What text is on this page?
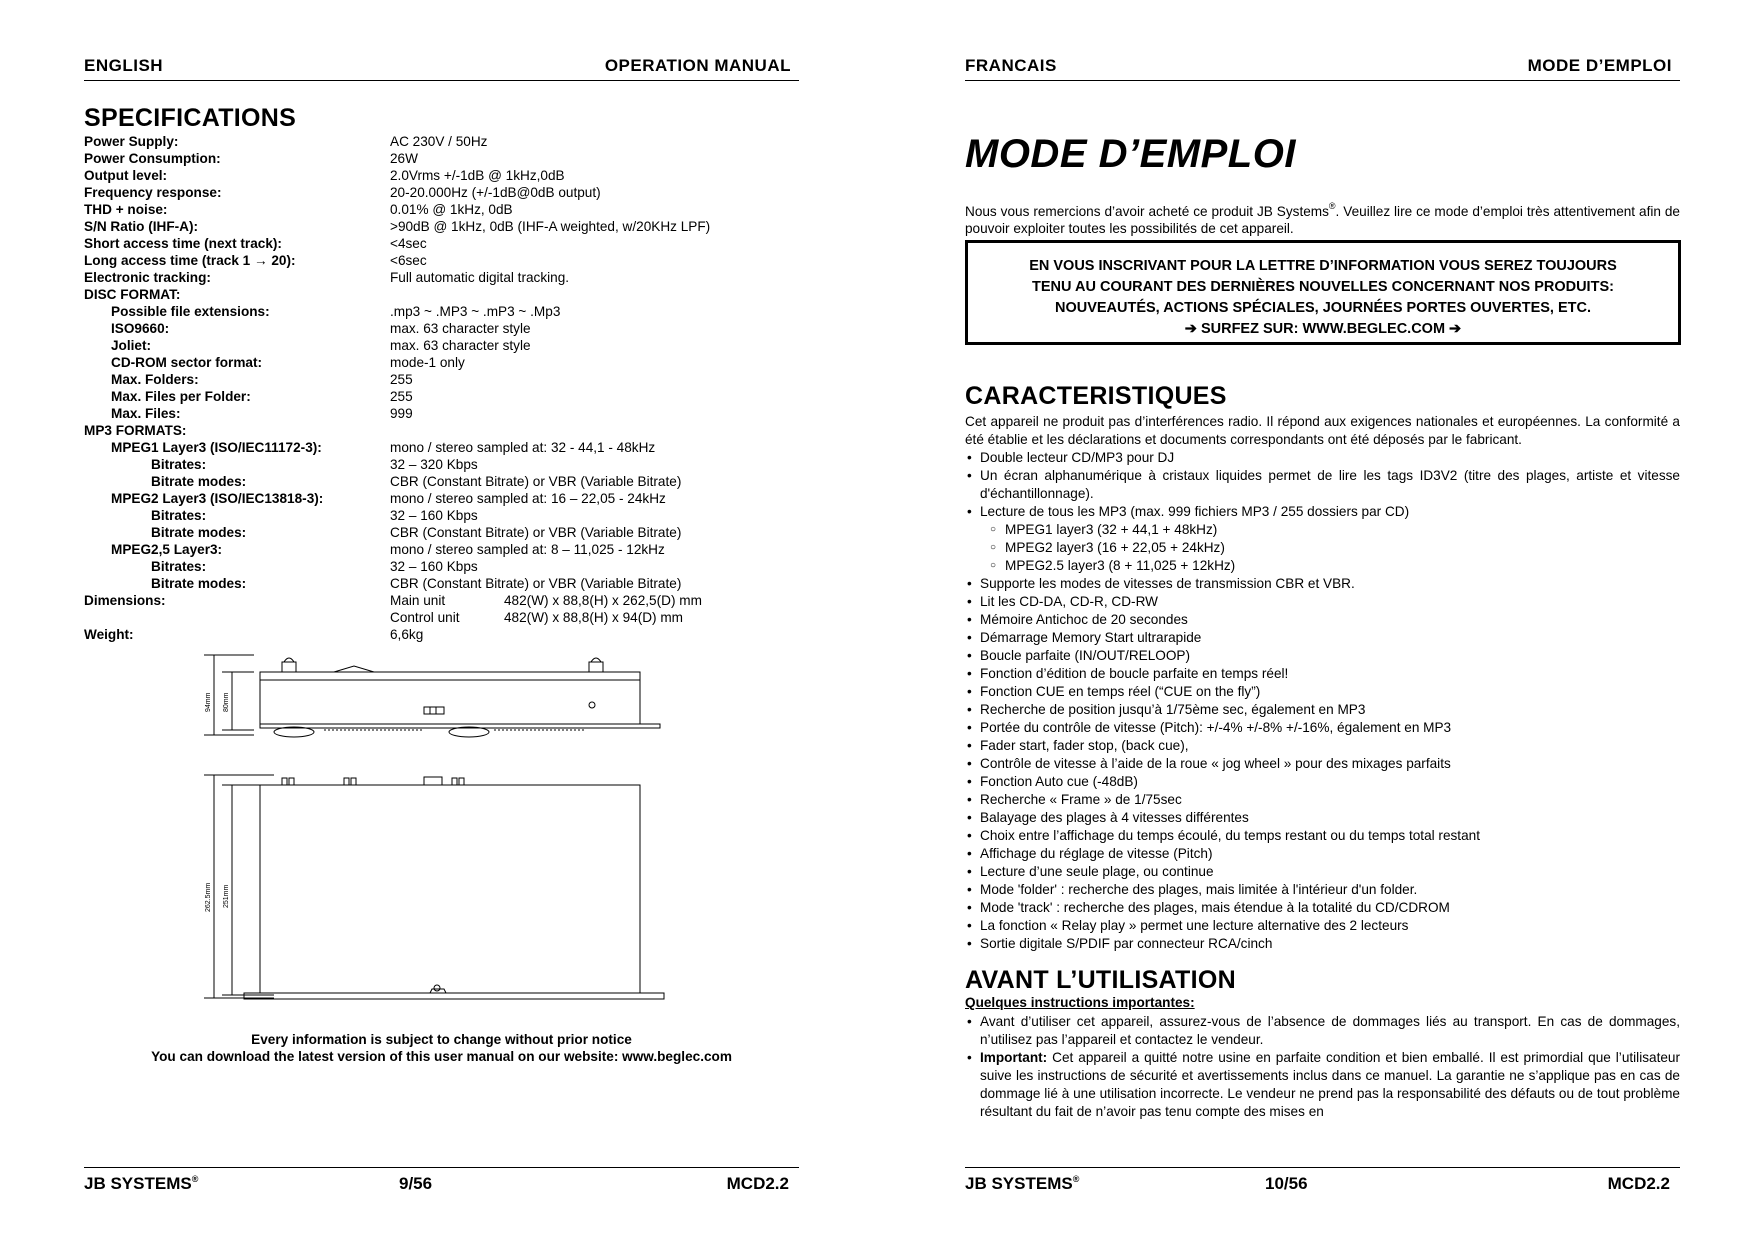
ENGLISH	OPERATION MANUAL
SPECIFICATIONS
Power Supply:	AC 230V / 50Hz
Power Consumption:	26W
Output level:	2.0Vrms +/-1dB @ 1kHz,0dB
Frequency response:	20-20.000Hz (+/-1dB@0dB output)
THD + noise:	0.01% @ 1kHz, 0dB
S/N Ratio (IHF-A):	>90dB @ 1kHz, 0dB (IHF-A weighted, w/20KHz LPF)
Short access time (next track):	<4sec
Long access time (track 1 → 20):	<6sec
Electronic tracking:	Full automatic digital tracking.
DISC FORMAT:
Possible file extensions:	.mp3 ~ .MP3 ~ .mP3 ~ .Mp3
ISO9660:	max. 63 character style
Joliet:	max. 63 character style
CD-ROM sector format:	mode-1 only
Max. Folders:	255
Max. Files per Folder:	255
Max. Files:	999
MP3 FORMATS:
MPEG1 Layer3 (ISO/IEC11172-3):	mono / stereo sampled at: 32 - 44,1 - 48kHz
Bitrates:	32 – 320 Kbps
Bitrate modes:	CBR (Constant Bitrate) or VBR (Variable Bitrate)
MPEG2 Layer3 (ISO/IEC13818-3):	mono / stereo sampled at: 16 – 22,05 - 24kHz
Bitrates:	32 – 160 Kbps
Bitrate modes:	CBR (Constant Bitrate) or VBR (Variable Bitrate)
MPEG2,5 Layer3:	mono / stereo sampled at: 8 – 11,025 - 12kHz
Bitrates:	32 – 160 Kbps
Bitrate modes:	CBR (Constant Bitrate) or VBR (Variable Bitrate)
Dimensions:	Main unit	482(W) x 88,8(H) x 262,5(D) mm
Control unit	482(W) x 88,8(H) x 94(D) mm
Weight:	6,6kg
94mm 80mm
262.5mm 251mm
Every information is subject to change without prior notice
You can download the latest version of this user manual on our website: www.beglec.com
JB SYSTEMS®	9/56	MCD2.2
FRANCAIS	MODE D’EMPLOI
MODE D’EMPLOI

Nous vous remercions d’avoir acheté ce produit JB Systems®. Veuillez lire ce mode d’emploi très attentivement afin de pouvoir exploiter toutes les possibilités de cet appareil.

EN VOUS INSCRIVANT POUR LA LETTRE D’INFORMATION VOUS SEREZ TOUJOURS
TENU AU COURANT DES DERNIÈRES NOUVELLES CONCERNANT NOS PRODUITS:
NOUVEAUTÉS, ACTIONS SPÉCIALES, JOURNÉES PORTES OUVERTES, ETC.
➔ SURFEZ SUR: WWW.BEGLEC.COM ➔
CARACTERISTIQUES

Cet appareil ne produit pas d’interférences radio. Il répond aux exigences nationales et européennes. La conformité a été établie et les déclarations et documents correspondants ont été déposés par le fabricant.

• Double lecteur CD/MP3 pour DJ
• Un écran alphanumérique à cristaux liquides permet de lire les tags ID3V2 (titre des plages, artiste et vitesse d'échantillonnage).
• Lecture de tous les MP3 (max. 999 fichiers MP3 / 255 dossiers par CD)
○ MPEG1 layer3 (32 + 44,1 + 48kHz)
○ MPEG2 layer3 (16 + 22,05 + 24kHz)
○ MPEG2.5 layer3 (8 + 11,025 + 12kHz)
• Supporte les modes de vitesses de transmission CBR et VBR.
• Lit les CD-DA, CD-R, CD-RW
• Mémoire Antichoc de 20 secondes
• Démarrage Memory Start ultrarapide
• Boucle parfaite (IN/OUT/RELOOP)
• Fonction d’édition de boucle parfaite en temps réel!
• Fonction CUE en temps réel (“CUE on the fly”)
• Recherche de position jusqu’à 1/75ème sec, également en MP3
• Portée du contrôle de vitesse (Pitch): +/-4% +/-8% +/-16%, également en MP3
• Fader start, fader stop, (back cue),
• Contrôle de vitesse à l’aide de la roue « jog wheel » pour des mixages parfaits
• Fonction Auto cue (-48dB)
• Recherche « Frame » de 1/75sec
• Balayage des plages à 4 vitesses différentes
• Choix entre l’affichage du temps écoulé, du temps restant ou du temps total restant
• Affichage du réglage de vitesse (Pitch)
• Lecture d’une seule plage, ou continue
• Mode 'folder' : recherche des plages, mais limitée à l'intérieur d'un folder.
• Mode 'track' : recherche des plages, mais étendue à la totalité du CD/CDROM
• La fonction « Relay play » permet une lecture alternative des 2 lecteurs
• Sortie digitale S/PDIF par connecteur RCA/cinch
AVANT L’UTILISATION
Quelques instructions importantes:
• Avant d’utiliser cet appareil, assurez-vous de l’absence de dommages liés au transport. En cas de dommages, n’utilisez pas l’appareil et contactez le vendeur.
• Important: Cet appareil a quitté notre usine en parfaite condition et bien emballé. Il est primordial que l’utilisateur suive les instructions de sécurité et avertissements inclus dans ce manuel. La garantie ne s’applique pas en cas de dommage lié à une utilisation incorrecte. Le vendeur ne prend pas la responsabilité des défauts ou de tout problème résultant du fait de n’avoir pas tenu compte des mises en
JB SYSTEMS®	10/56	MCD2.2
